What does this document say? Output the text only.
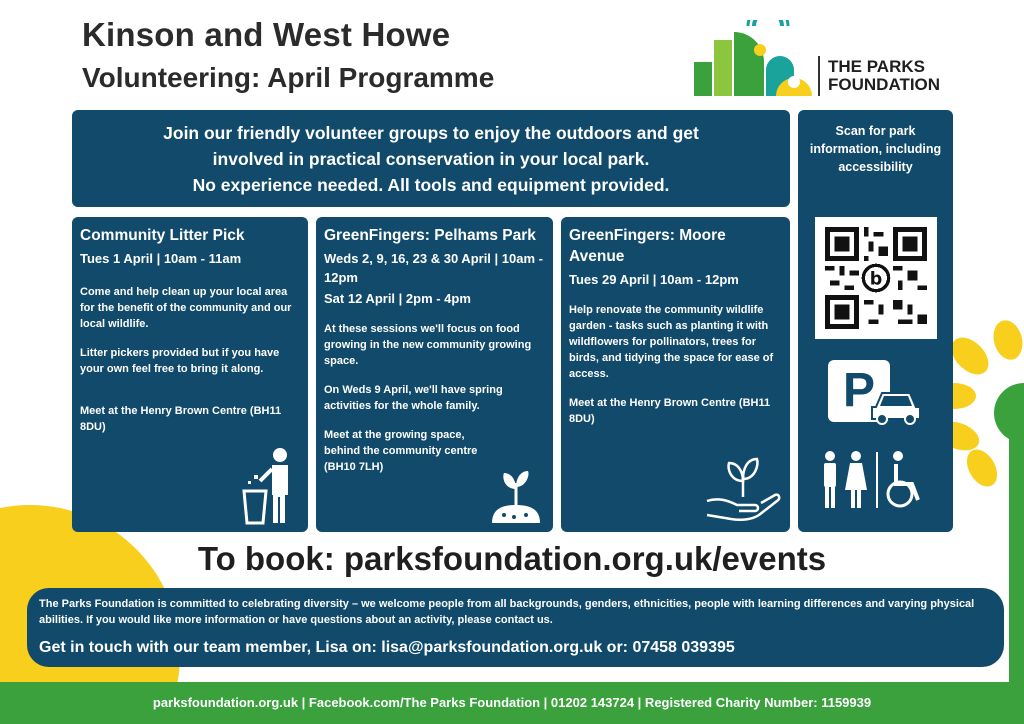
Kinson and West Howe
Volunteering: April Programme	THE PARKS
FOUNDATION
Join our friendly volunteer groups to enjoy the outdoors and get
involved in practical conservation in your local park.
No experience needed. All tools and equipment provided.
Scan for park information, including accessibility
b
P
Community Litter Pick
Tues 1 April | 10am - 11am
Come and help clean up your local area for the benefit of the community and our local wildlife.
Litter pickers provided but if you have your own feel free to bring it along.
Meet at the Henry Brown Centre (BH11 8DU)
GreenFingers: Pelhams Park
Weds 2, 9, 16, 23 & 30 April | 10am - 12pm
Sat 12 April | 2pm - 4pm
At these sessions we'll focus on food growing in the new community growing space.
On Weds 9 April, we'll have spring activities for the whole family.
Meet at the growing space, behind the community centre (BH10 7LH)
GreenFingers: Moore Avenue
Tues 29 April | 10am - 12pm
Help renovate the community wildlife garden - tasks such as planting it with wildflowers for pollinators, trees for birds, and tidying the space for ease of access.
Meet at the Henry Brown Centre (BH11 8DU)
To book: parksfoundation.org.uk/events
The Parks Foundation is committed to celebrating diversity – we welcome people from all backgrounds, genders, ethnicities, people with learning differences and varying physical abilities. If you would like more information or have questions about an activity, please contact us.
Get in touch with our team member, Lisa on: lisa@parksfoundation.org.uk or: 07458 039395
parksfoundation.org.uk | Facebook.com/The Parks Foundation | 01202 143724 | Registered Charity Number: 1159939
